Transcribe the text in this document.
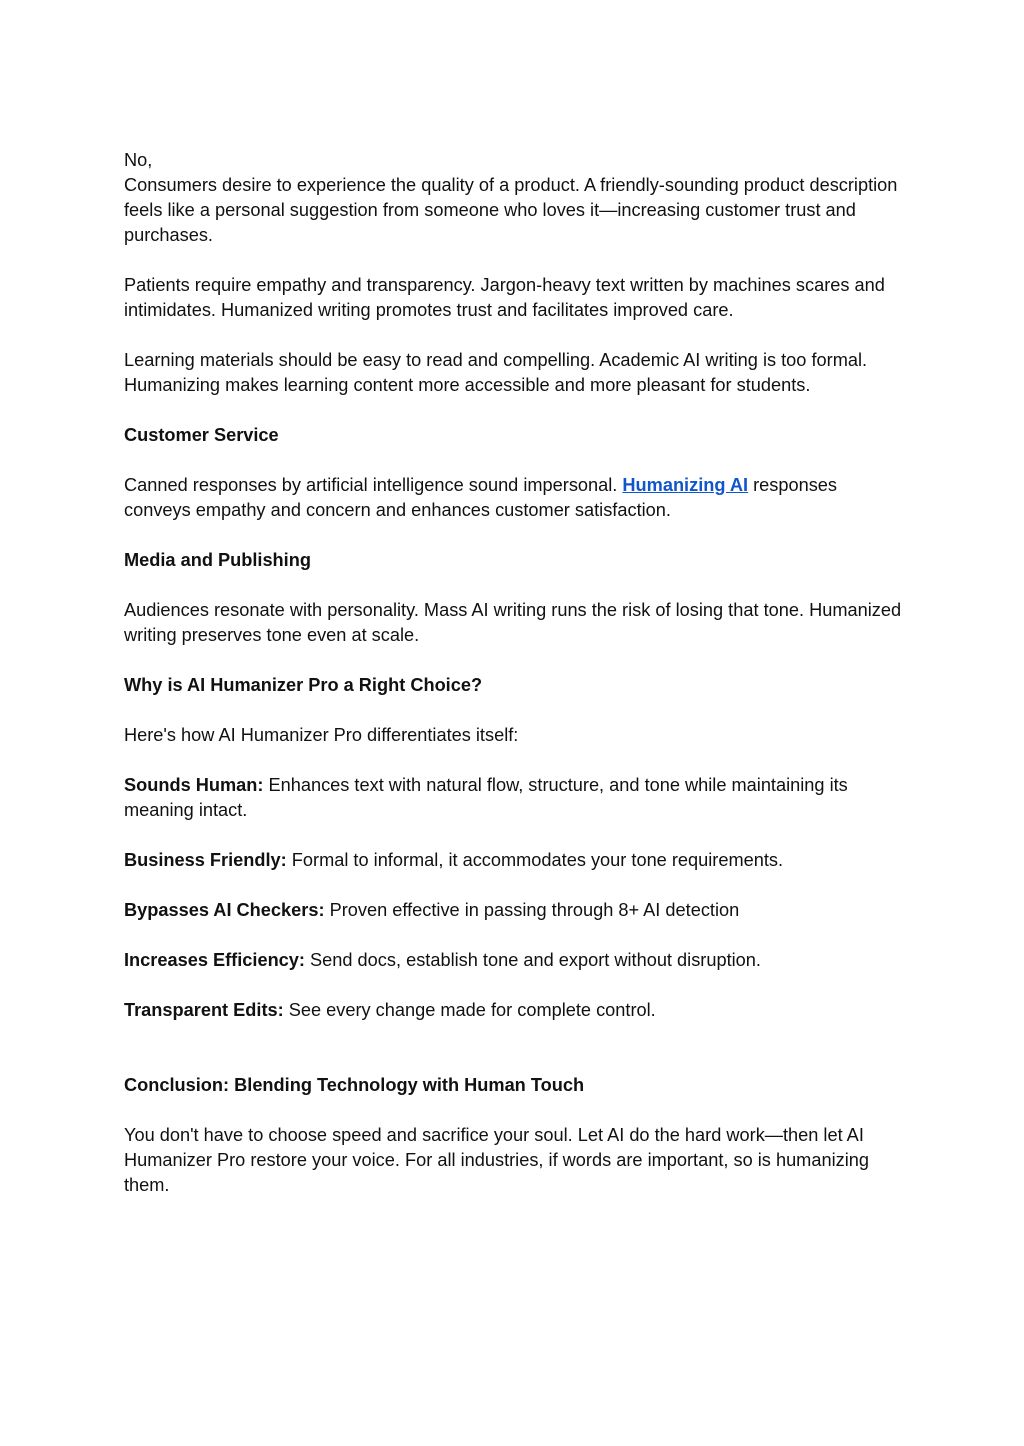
No,

Consumers desire to experience the quality of a product. A friendly-sounding product description feels like a personal suggestion from someone who loves it—increasing customer trust and purchases.

Patients require empathy and transparency. Jargon-heavy text written by machines scares and intimidates. Humanized writing promotes trust and facilitates improved care.

Learning materials should be easy to read and compelling. Academic AI writing is too formal. Humanizing makes learning content more accessible and more pleasant for students.

Customer Service

Canned responses by artificial intelligence sound impersonal. Humanizing AI responses conveys empathy and concern and enhances customer satisfaction.

Media and Publishing

Audiences resonate with personality. Mass AI writing runs the risk of losing that tone. Humanized writing preserves tone even at scale.

Why is AI Humanizer Pro a Right Choice?

Here's how AI Humanizer Pro differentiates itself:

Sounds Human: Enhances text with natural flow, structure, and tone while maintaining its meaning intact.

Business Friendly: Formal to informal, it accommodates your tone requirements.

Bypasses AI Checkers: Proven effective in passing through 8+ AI detection

Increases Efficiency: Send docs, establish tone and export without disruption.

Transparent Edits: See every change made for complete control.

Conclusion: Blending Technology with Human Touch

You don't have to choose speed and sacrifice your soul. Let AI do the hard work—then let AI Humanizer Pro restore your voice. For all industries, if words are important, so is humanizing them.
